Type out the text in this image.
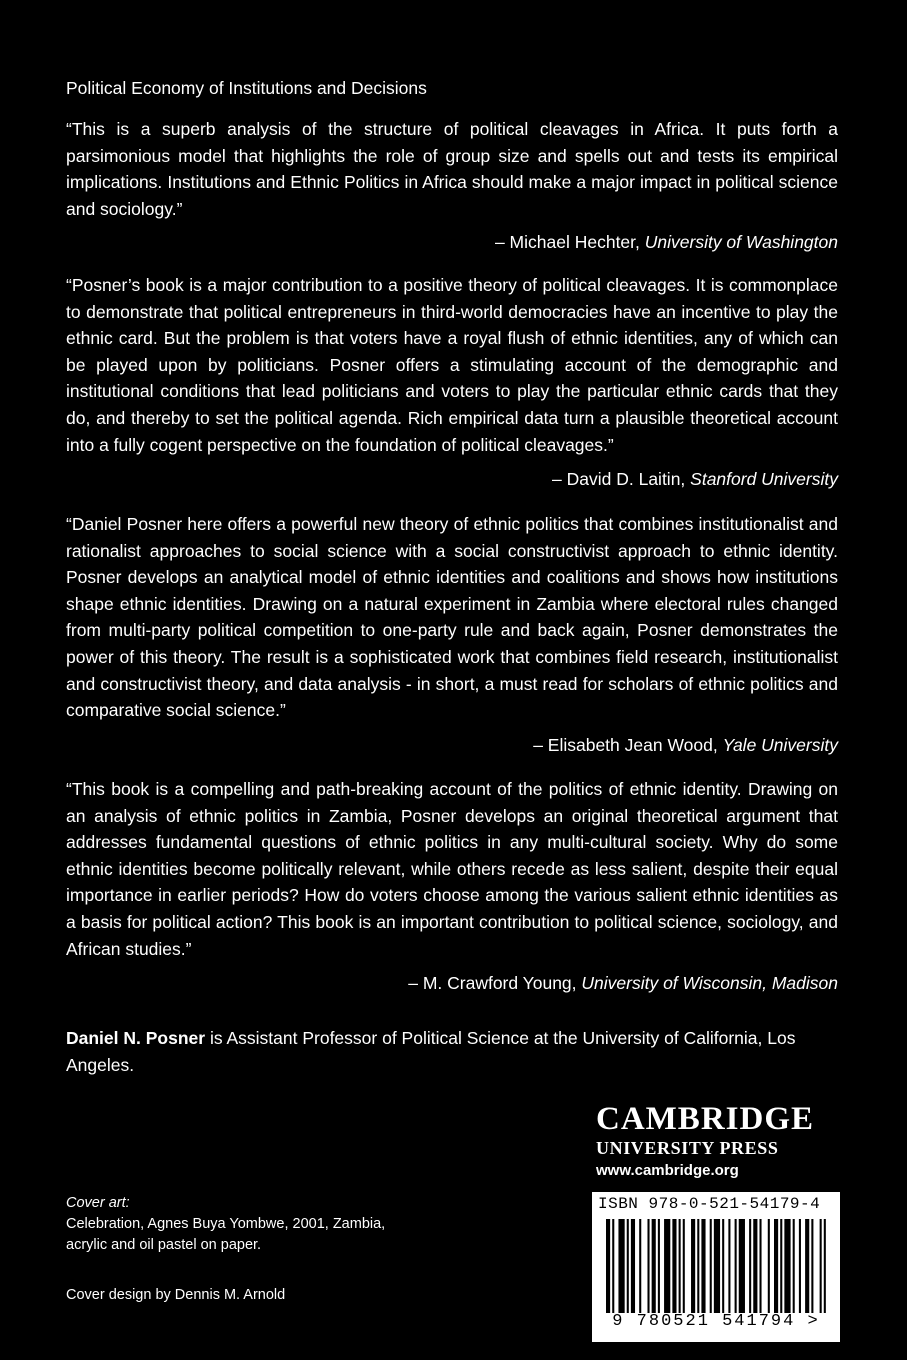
Political Economy of Institutions and Decisions
“This is a superb analysis of the structure of political cleavages in Africa. It puts forth a parsimonious model that highlights the role of group size and spells out and tests its empirical implications. Institutions and Ethnic Politics in Africa should make a major impact in political science and sociology.”
– Michael Hechter, University of Washington
“Posner’s book is a major contribution to a positive theory of political cleavages. It is commonplace to demonstrate that political entrepreneurs in third-world democracies have an incentive to play the ethnic card. But the problem is that voters have a royal flush of ethnic identities, any of which can be played upon by politicians. Posner offers a stimulating account of the demographic and institutional conditions that lead politicians and voters to play the particular ethnic cards that they do, and thereby to set the political agenda. Rich empirical data turn a plausible theoretical account into a fully cogent perspective on the foundation of political cleavages.”
– David D. Laitin, Stanford University
“Daniel Posner here offers a powerful new theory of ethnic politics that combines institutionalist and rationalist approaches to social science with a social constructivist approach to ethnic identity. Posner develops an analytical model of ethnic identities and coalitions and shows how institutions shape ethnic identities. Drawing on a natural experiment in Zambia where electoral rules changed from multi-party political competition to one-party rule and back again, Posner demonstrates the power of this theory. The result is a sophisticated work that combines field research, institutionalist and constructivist theory, and data analysis - in short, a must read for scholars of ethnic politics and comparative social science.”
– Elisabeth Jean Wood, Yale University
“This book is a compelling and path-breaking account of the politics of ethnic identity. Drawing on an analysis of ethnic politics in Zambia, Posner develops an original theoretical argument that addresses fundamental questions of ethnic politics in any multi-cultural society. Why do some ethnic identities become politically relevant, while others recede as less salient, despite their equal importance in earlier periods? How do voters choose among the various salient ethnic identities as a basis for political action? This book is an important contribution to political science, sociology, and African studies.”
– M. Crawford Young, University of Wisconsin, Madison
Daniel N. Posner is Assistant Professor of Political Science at the University of California, Los Angeles.
CAMBRIDGE
UNIVERSITY PRESS
www.cambridge.org
Cover art:
Celebration, Agnes Buya Yombwe, 2001, Zambia,
acrylic and oil pastel on paper.
Cover design by Dennis M. Arnold
ISBN 978-0-521-54179-4
9 780521 541794 >
